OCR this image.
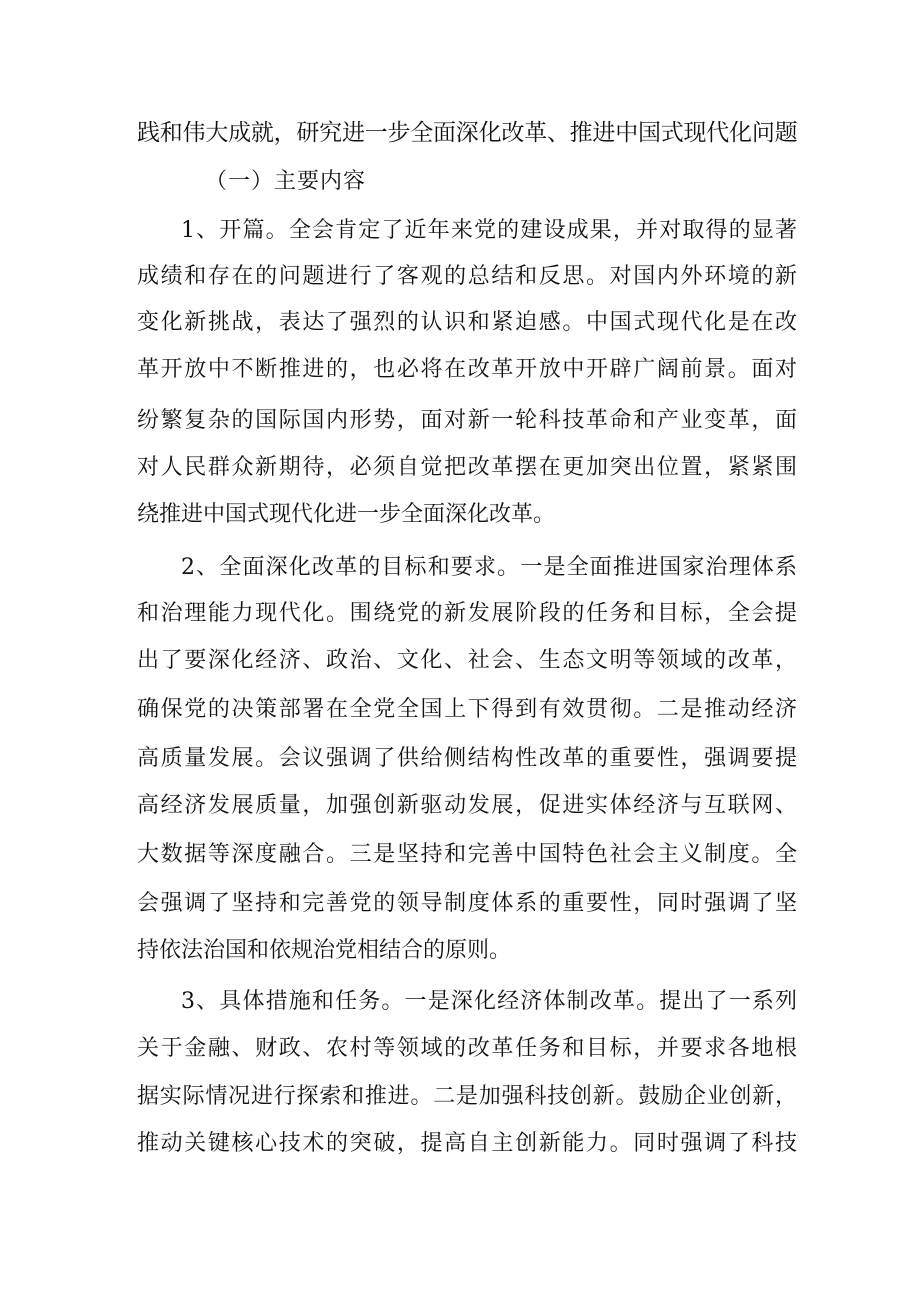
践和伟大成就，研究进一步全面深化改革、推进中国式现代化问题
（一）主要内容
1、开篇。全会肯定了近年来党的建设成果，并对取得的显著
成绩和存在的问题进行了客观的总结和反思。对国内外环境的新
变化新挑战，表达了强烈的认识和紧迫感。中国式现代化是在改
革开放中不断推进的，也必将在改革开放中开辟广阔前景。面对
纷繁复杂的国际国内形势，面对新一轮科技革命和产业变革，面
对人民群众新期待，必须自觉把改革摆在更加突出位置，紧紧围
绕推进中国式现代化进一步全面深化改革。
2、全面深化改革的目标和要求。一是全面推进国家治理体系
和治理能力现代化。围绕党的新发展阶段的任务和目标，全会提
出了要深化经济、政治、文化、社会、生态文明等领域的改革，
确保党的决策部署在全党全国上下得到有效贯彻。二是推动经济
高质量发展。会议强调了供给侧结构性改革的重要性，强调要提
高经济发展质量，加强创新驱动发展，促进实体经济与互联网、
大数据等深度融合。三是坚持和完善中国特色社会主义制度。全
会强调了坚持和完善党的领导制度体系的重要性，同时强调了坚
持依法治国和依规治党相结合的原则。
3、具体措施和任务。一是深化经济体制改革。提出了一系列
关于金融、财政、农村等领域的改革任务和目标，并要求各地根
据实际情况进行探索和推进。二是加强科技创新。鼓励企业创新，
推动关键核心技术的突破，提高自主创新能力。同时强调了科技
